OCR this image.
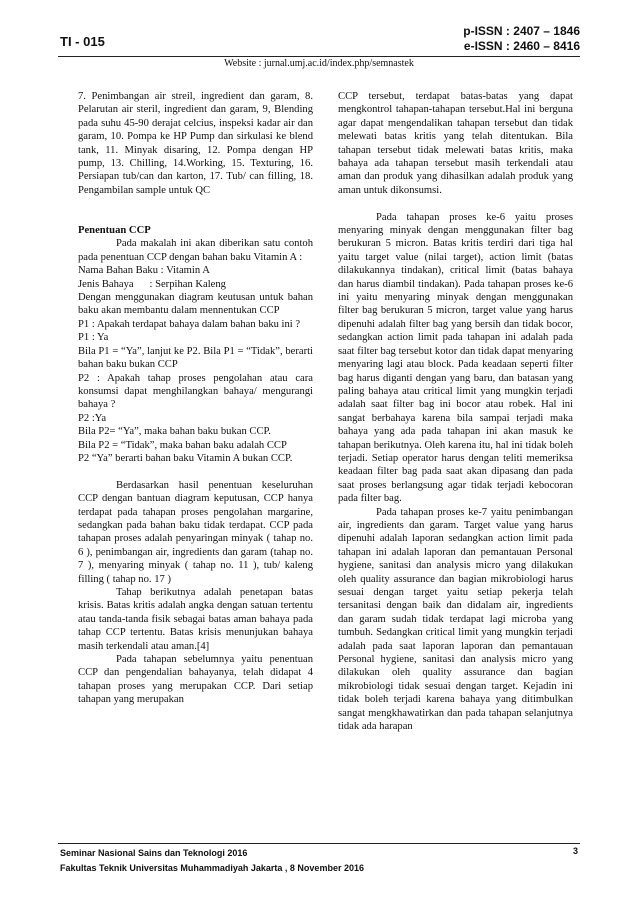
TI - 015
p-ISSN : 2407 – 1846
e-ISSN : 2460 – 8416
Website : jurnal.umj.ac.id/index.php/semnastek

7. Penimbangan air streil, ingredient dan garam, 8. Pelarutan air steril, ingredient dan garam, 9, Blending pada suhu 45-90 derajat celcius, inspeksi kadar air dan garam, 10. Pompa ke HP Pump dan sirkulasi ke blend tank, 11. Minyak disaring, 12. Pompa dengan HP pump, 13. Chilling, 14.Working, 15. Texturing, 16. Persiapan tub/can dan karton, 17. Tub/ can filling, 18. Pengambilan sample untuk QC

Penentuan CCP

Pada makalah ini akan diberikan satu contoh pada penentuan CCP dengan bahan baku Vitamin A :

Nama Bahan Baku : Vitamin A

Jenis Bahaya      : Serpihan Kaleng

Dengan menggunakan diagram keutusan untuk bahan baku akan membantu dalam mennentukan CCP

P1 : Apakah terdapat bahaya dalam bahan baku ini ?

P1 : Ya

Bila P1 = “Ya”, lanjut ke P2. Bila P1 = “Tidak”, berarti bahan baku bukan CCP

P2 : Apakah tahap proses pengolahan atau cara konsumsi dapat menghilangkan bahaya/ mengurangi bahaya ?

P2 :Ya

Bila P2= “Ya”, maka bahan baku bukan CCP.

Bila P2 = “Tidak”, maka bahan baku adalah CCP

P2 “Ya” berarti bahan baku Vitamin A bukan CCP.

Berdasarkan hasil penentuan keseluruhan CCP dengan bantuan diagram keputusan, CCP hanya terdapat pada tahapan proses pengolahan margarine, sedangkan pada bahan baku tidak terdapat. CCP pada tahapan proses adalah penyaringan minyak ( tahap no. 6 ), penimbangan air, ingredients dan garam (tahap no. 7 ), menyaring minyak ( tahap no. 11 ), tub/ kaleng filling ( tahap no. 17 )

Tahap berikutnya adalah penetapan batas krisis. Batas kritis adalah angka dengan satuan tertentu atau tanda-tanda fisik sebagai batas aman bahaya pada tahap CCP tertentu. Batas krisis menunjukan bahaya masih terkendali atau aman.[4]

Pada tahapan sebelumnya yaitu penentuan CCP dan pengendalian bahayanya, telah didapat 4 tahapan proses yang merupakan CCP. Dari setiap tahapan yang merupakan

CCP tersebut, terdapat batas-batas yang dapat mengkontrol tahapan-tahapan tersebut.Hal ini berguna agar dapat mengendalikan tahapan tersebut dan tidak melewati batas kritis yang telah ditentukan. Bila tahapan tersebut tidak melewati batas kritis, maka bahaya ada tahapan tersebut masih terkendali atau aman dan produk yang dihasilkan adalah produk yang aman untuk dikonsumsi.

Pada tahapan proses ke-6 yaitu proses menyaring minyak dengan menggunakan filter bag berukuran 5 micron. Batas kritis terdiri dari tiga hal yaitu target value (nilai target), action limit (batas dilakukannya tindakan), critical limit (batas bahaya dan harus diambil tindakan). Pada tahapan proses ke-6 ini yaitu menyaring minyak dengan menggunakan filter bag berukuran 5 micron, target value yang harus dipenuhi adalah filter bag yang bersih dan tidak bocor, sedangkan action limit pada tahapan ini adalah pada saat filter bag tersebut kotor dan tidak dapat menyaring menyaring lagi atau block. Pada keadaan seperti filter bag harus diganti dengan yang baru, dan batasan yang paling bahaya atau critical limit yang mungkin terjadi adalah saat filter bag ini bocor atau robek. Hal ini sangat berbahaya karena bila sampai terjadi maka bahaya yang ada pada tahapan ini akan masuk ke tahapan berikutnya. Oleh karena itu, hal ini tidak boleh terjadi. Setiap operator harus dengan teliti memeriksa keadaan filter bag pada saat akan dipasang dan pada saat proses berlangsung agar tidak terjadi kebocoran pada filter bag.

Pada tahapan proses ke-7 yaitu penimbangan air, ingredients dan garam. Target value yang harus dipenuhi adalah laporan sedangkan action limit pada tahapan ini adalah laporan dan pemantauan Personal hygiene, sanitasi dan analysis micro yang dilakukan oleh quality assurance dan bagian mikrobiologi harus sesuai dengan target yaitu setiap pekerja telah tersanitasi dengan baik dan didalam air, ingredients dan garam sudah tidak terdapat lagi microba yang tumbuh. Sedangkan critical limit yang mungkin terjadi adalah pada saat laporan laporan dan pemantauan Personal hygiene, sanitasi dan analysis micro yang dilakukan oleh quality assurance dan bagian mikrobiologi tidak sesuai dengan target. Kejadin ini tidak boleh terjadi karena bahaya yang ditimbulkan sangat mengkhawatirkan dan pada tahapan selanjutnya tidak ada harapan

Seminar Nasional Sains dan Teknologi 2016
Fakultas Teknik Universitas Muhammadiyah Jakarta , 8 November 2016
3
